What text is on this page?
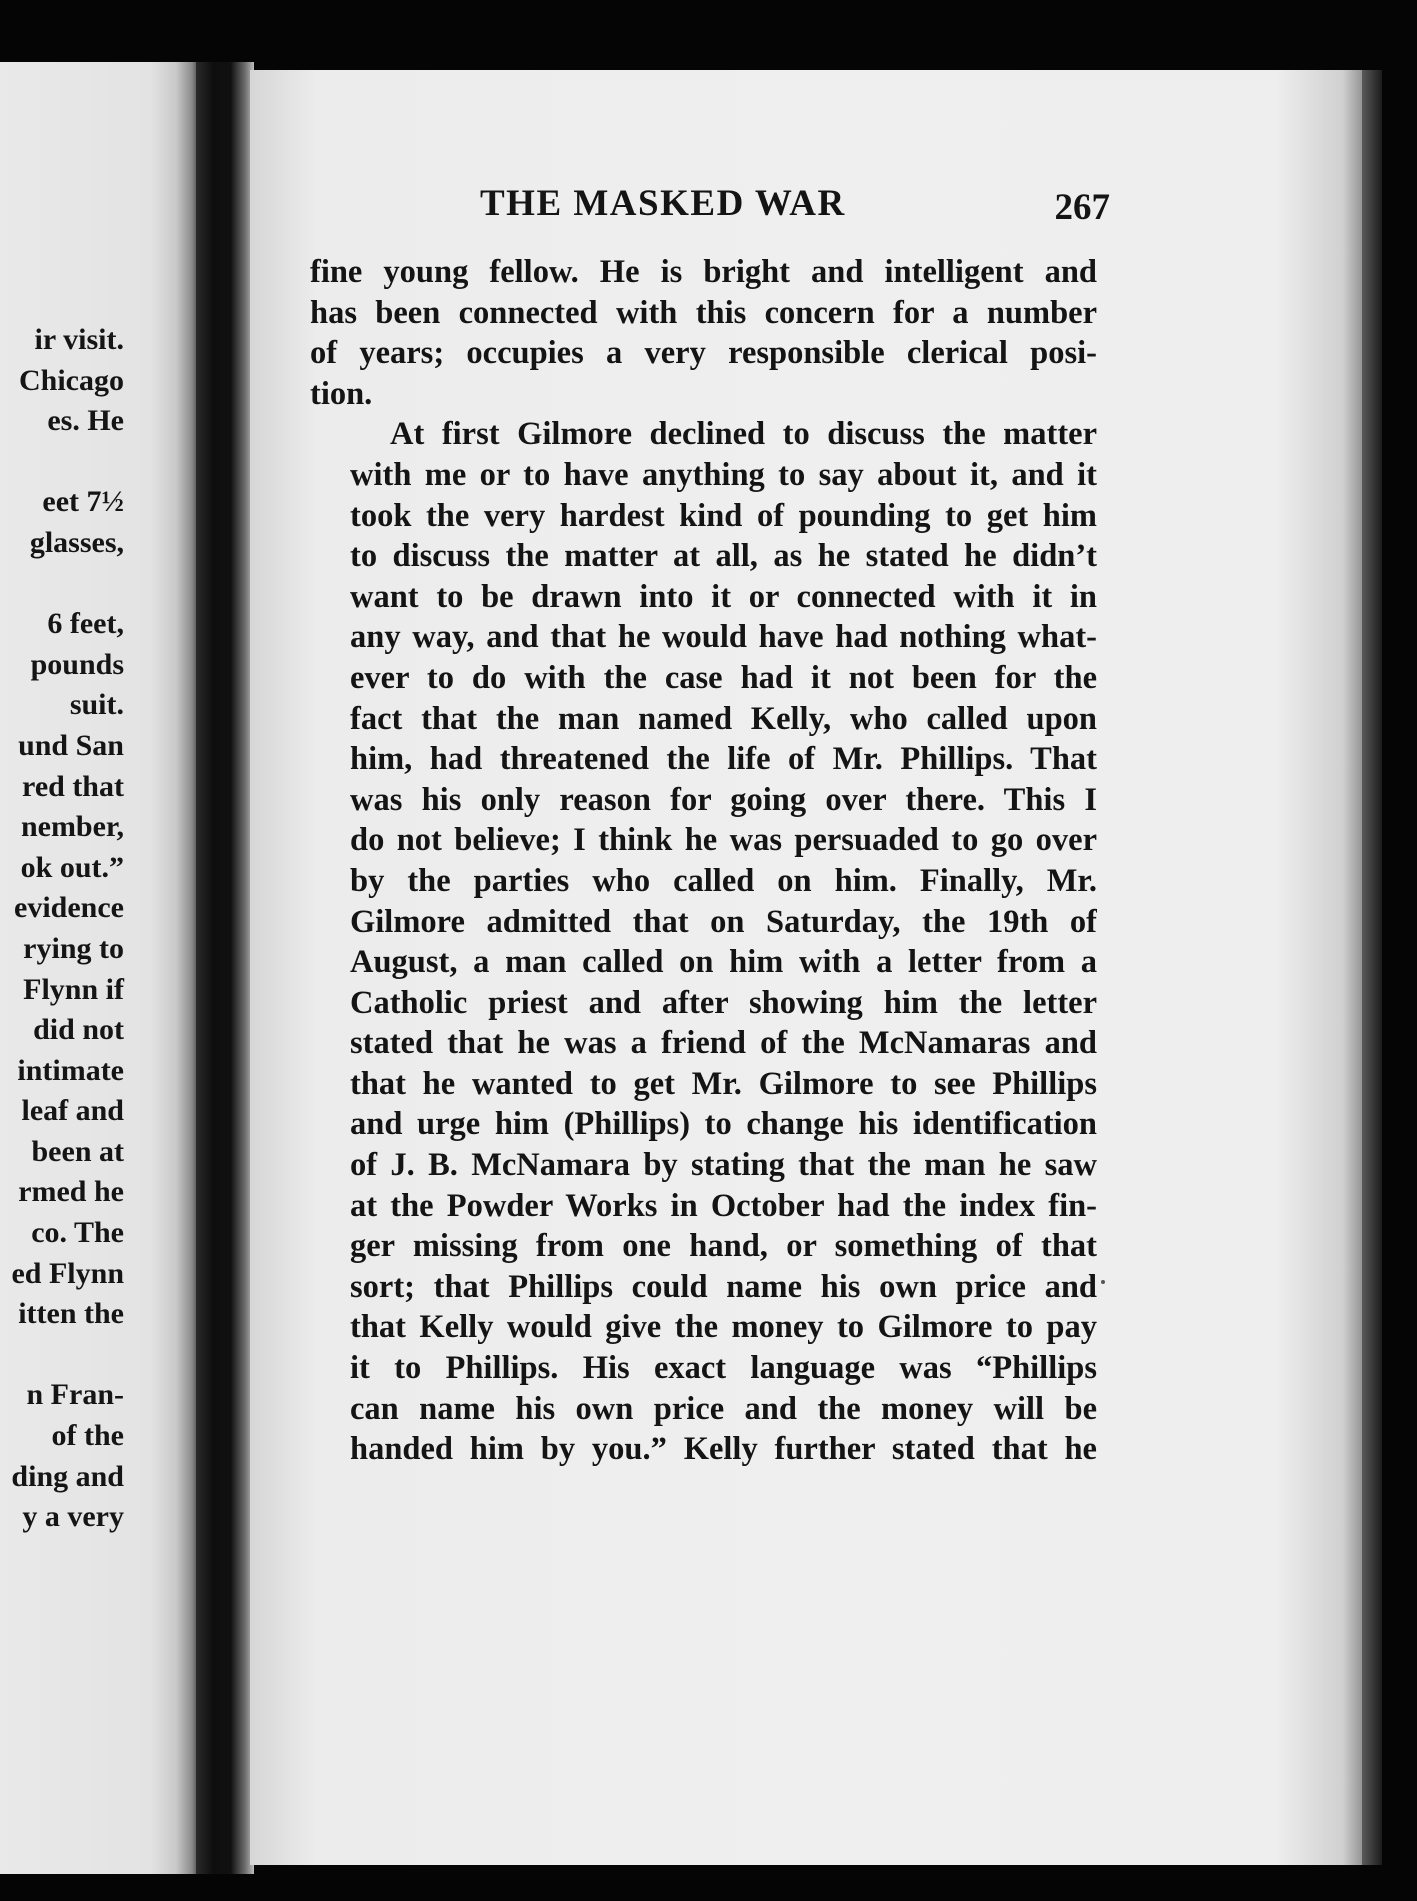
ir visit.
Chicago
es. He
eet 7½
glasses,
6 feet,
pounds
suit.
und San
red that
nember,
ok out.”
evidence
rying to
Flynn if
did not
intimate
leaf and
been at
rmed he
co. The
ed Flynn
itten the
n Fran-
of the
ding and
y a very
THE MASKED WAR	267

fine young fellow. He is bright and intelligent and
has been connected with this concern for a number
of years; occupies a very responsible clerical posi-
tion.

At first Gilmore declined to discuss the matter
with me or to have anything to say about it, and it
took the very hardest kind of pounding to get him
to discuss the matter at all, as he stated he didn’t
want to be drawn into it or connected with it in
any way, and that he would have had nothing what-
ever to do with the case had it not been for the
fact that the man named Kelly, who called upon
him, had threatened the life of Mr. Phillips. That
was his only reason for going over there. This I
do not believe; I think he was persuaded to go over
by the parties who called on him. Finally, Mr.
Gilmore admitted that on Saturday, the 19th of
August, a man called on him with a letter from a
Catholic priest and after showing him the letter
stated that he was a friend of the McNamaras and
that he wanted to get Mr. Gilmore to see Phillips
and urge him (Phillips) to change his identification
of J. B. McNamara by stating that the man he saw
at the Powder Works in October had the index fin-
ger missing from one hand, or something of that
sort; that Phillips could name his own price and
that Kelly would give the money to Gilmore to pay
it to Phillips. His exact language was “Phillips
can name his own price and the money will be
handed him by you.” Kelly further stated that he
